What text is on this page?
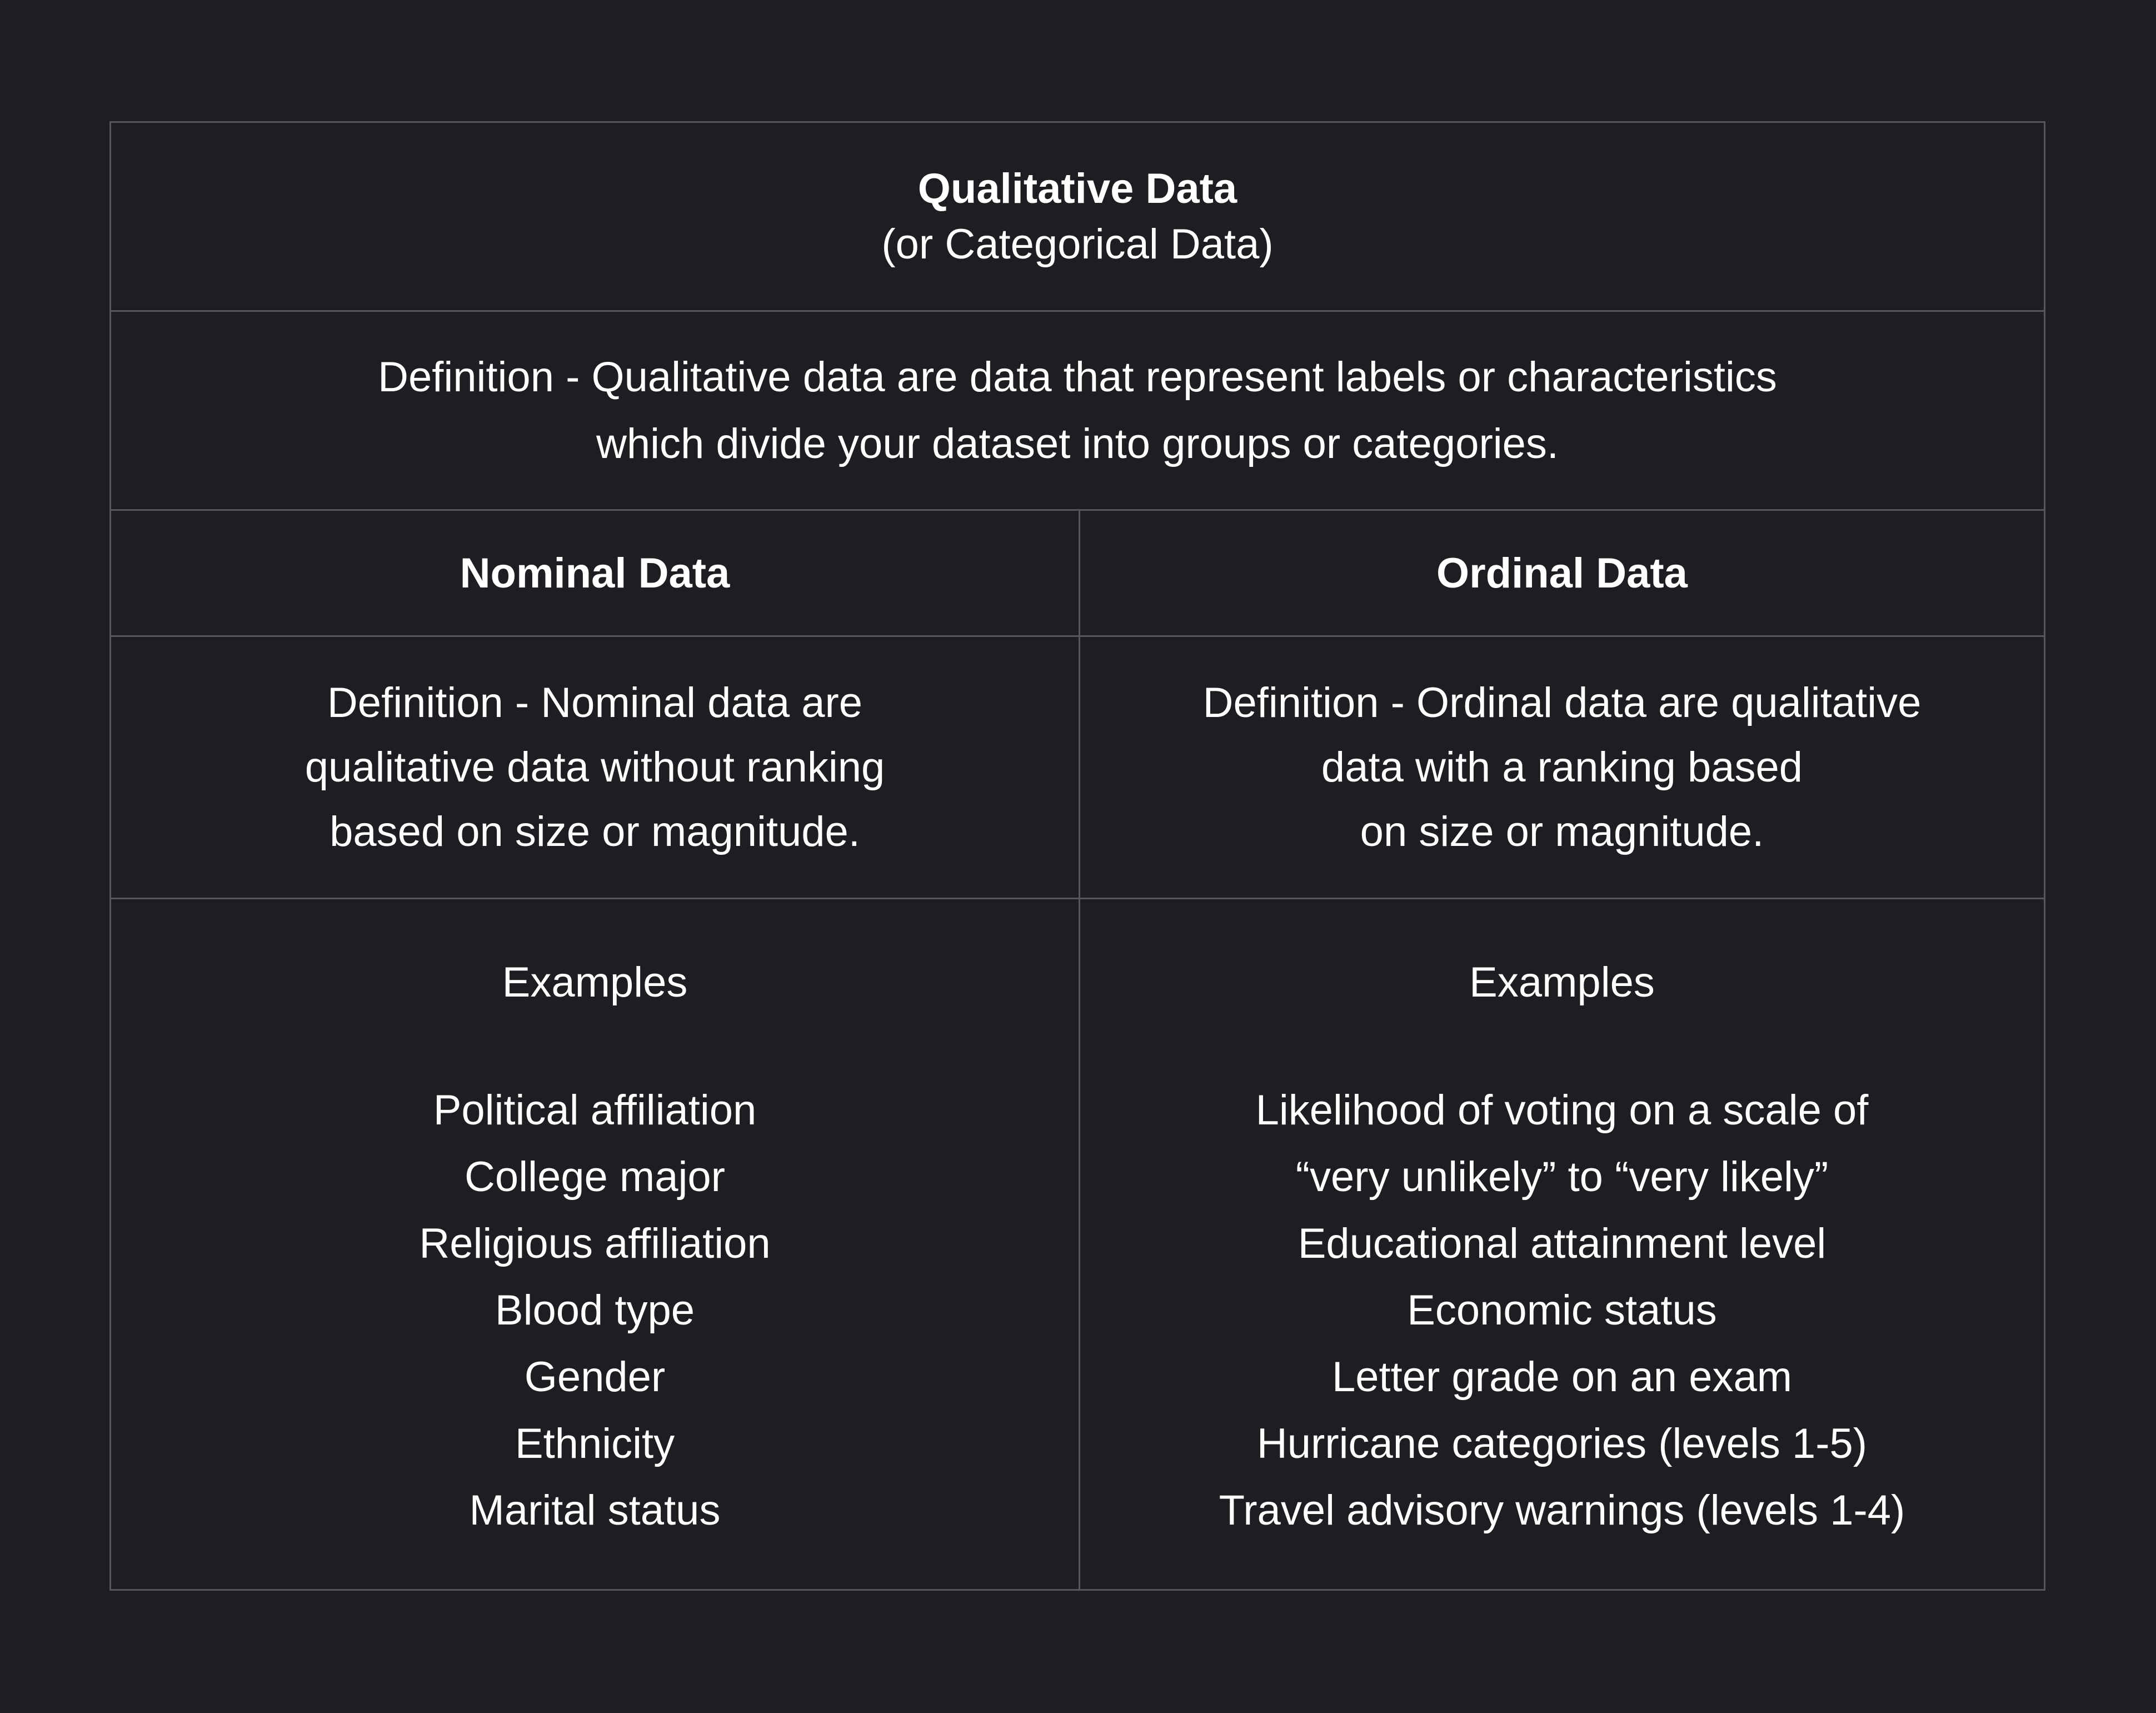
Qualitative Data
(or Categorical Data)
Definition - Qualitative data are data that represent labels or characteristics
which divide your dataset into groups or categories.
Nominal Data	Ordinal Data
Definition - Nominal data are
qualitative data without ranking
based on size or magnitude.
Definition - Ordinal data are qualitative
data with a ranking based
on size or magnitude.
Examples
Political affiliation
College major
Religious affiliation
Blood type
Gender
Ethnicity
Marital status
Examples
Likelihood of voting on a scale of
“very unlikely” to “very likely”
Educational attainment level
Economic status
Letter grade on an exam
Hurricane categories (levels 1-5)
Travel advisory warnings (levels 1-4)
